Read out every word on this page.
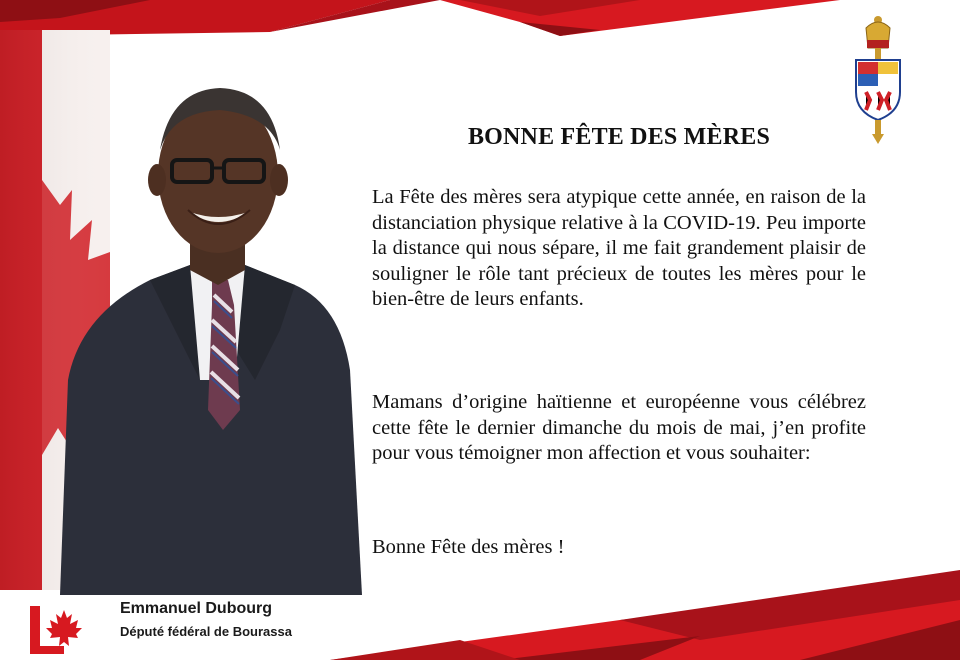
BONNE FÊTE DES MÈRES

La Fête des mères sera atypique cette année, en raison de la distanciation physique relative à la COVID-19. Peu importe la distance qui nous sépare, il me fait grandement plaisir de souligner le rôle tant précieux de toutes les mères pour le bien-être de leurs enfants.

Mamans d’origine haïtienne et européenne vous célébrez cette fête le dernier dimanche du mois de mai, j’en profite pour vous témoigner mon affection et vous souhaiter:

Bonne Fête des mères !

Emmanuel Dubourg
Député fédéral de Bourassa
